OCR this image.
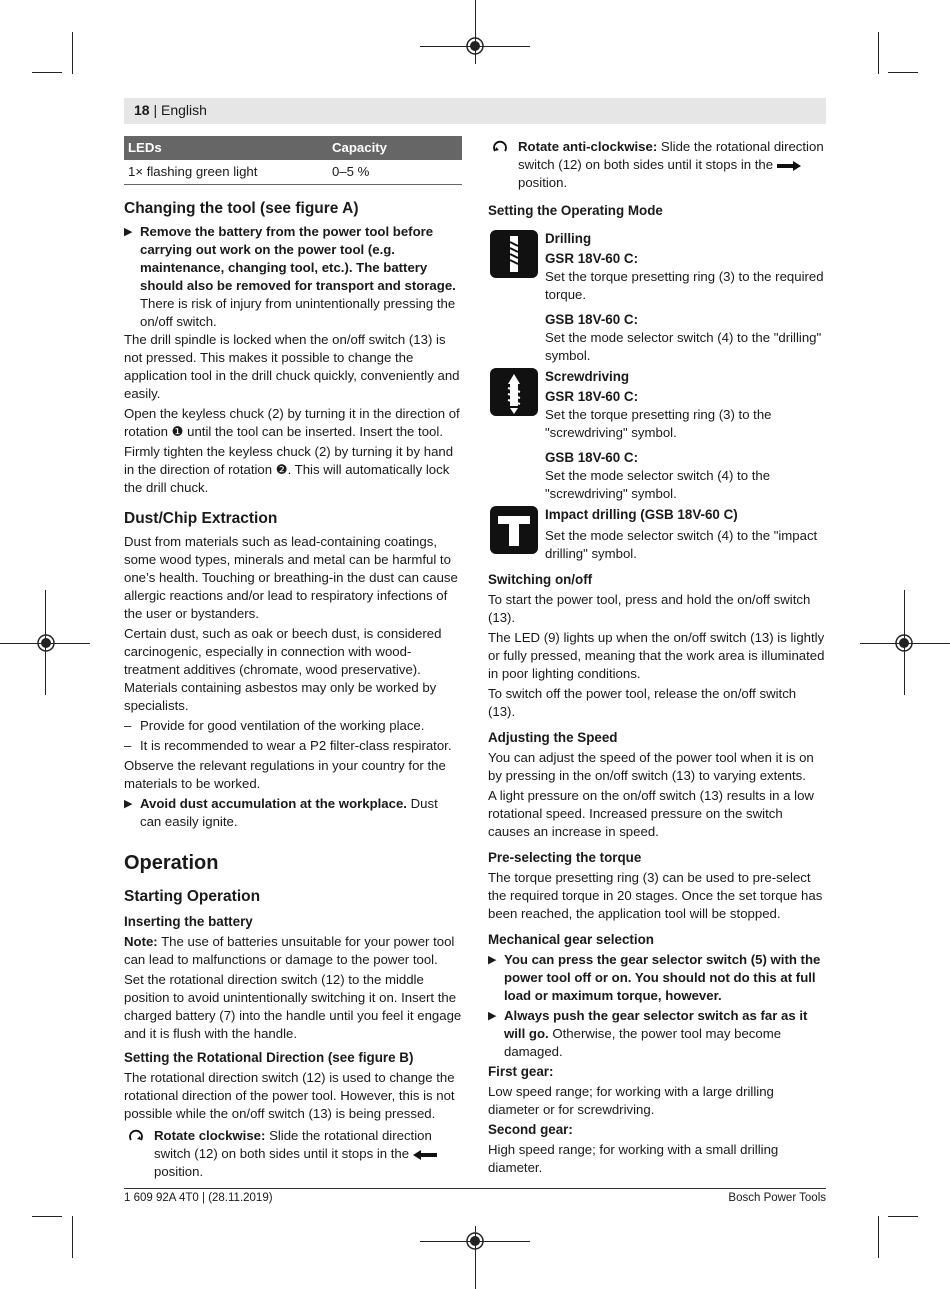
18 | English
LEDs	Capacity
1× flashing green light	0–5 %
Changing the tool (see figure A)
▶ Remove the battery from the power tool before carrying out work on the power tool (e.g. maintenance, changing tool, etc.). The battery should also be removed for transport and storage. There is risk of injury from unintentionally pressing the on/off switch.

The drill spindle is locked when the on/off switch (13) is not pressed. This makes it possible to change the application tool in the drill chuck quickly, conveniently and easily.

Open the keyless chuck (2) by turning it in the direction of rotation ❶ until the tool can be inserted. Insert the tool.

Firmly tighten the keyless chuck (2) by turning it by hand in the direction of rotation ❷. This will automatically lock the drill chuck.

Dust/Chip Extraction

Dust from materials such as lead-containing coatings, some wood types, minerals and metal can be harmful to one’s health. Touching or breathing-in the dust can cause allergic reactions and/or lead to respiratory infections of the user or bystanders.

Certain dust, such as oak or beech dust, is considered carcinogenic, especially in connection with wood-treatment additives (chromate, wood preservative). Materials containing asbestos may only be worked by specialists.

– Provide for good ventilation of the working place.
– It is recommended to wear a P2 filter-class respirator.

Observe the relevant regulations in your country for the materials to be worked.

▶ Avoid dust accumulation at the workplace. Dust can easily ignite.
Operation
Starting Operation
Inserting the battery

Note: The use of batteries unsuitable for your power tool can lead to malfunctions or damage to the power tool.

Set the rotational direction switch (12) to the middle position to avoid unintentionally switching it on. Insert the charged battery (7) into the handle until you feel it engage and it is flush with the handle.

Setting the Rotational Direction (see figure B)

The rotational direction switch (12) is used to change the rotational direction of the power tool. However, this is not possible while the on/off switch (13) is being pressed.

Rotate clockwise: Slide the rotational direction switch (12) on both sides until it stops in the  position.
Rotate anti-clockwise: Slide the rotational direction switch (12) on both sides until it stops in the  position.
Setting the Operating Mode
Drilling
GSR 18V-60 C:

Set the torque presetting ring (3) to the required torque.

GSB 18V-60 C:

Set the mode selector switch (4) to the "drilling" symbol.

Screwdriving
GSR 18V-60 C:

Set the torque presetting ring (3) to the "screwdriving" symbol.

GSB 18V-60 C:

Set the mode selector switch (4) to the "screwdriving" symbol.

Impact drilling (GSB 18V-60 C)

Set the mode selector switch (4) to the "impact drilling" symbol.

Switching on/off

To start the power tool, press and hold the on/off switch (13).

The LED (9) lights up when the on/off switch (13) is lightly or fully pressed, meaning that the work area is illuminated in poor lighting conditions.

To switch off the power tool, release the on/off switch (13).

Adjusting the Speed

You can adjust the speed of the power tool when it is on by pressing in the on/off switch (13) to varying extents.

A light pressure on the on/off switch (13) results in a low rotational speed. Increased pressure on the switch causes an increase in speed.

Pre-selecting the torque

The torque presetting ring (3) can be used to pre-select the required torque in 20 stages. Once the set torque has been reached, the application tool will be stopped.

Mechanical gear selection
▶ You can press the gear selector switch (5) with the power tool off or on. You should not do this at full load or maximum torque, however.
▶ Always push the gear selector switch as far as it will go. Otherwise, the power tool may become damaged.
First gear:

Low speed range; for working with a large drilling diameter or for screwdriving.

Second gear:

High speed range; for working with a small drilling diameter.

1 609 92A 4T0 | (28.11.2019)	Bosch Power Tools
